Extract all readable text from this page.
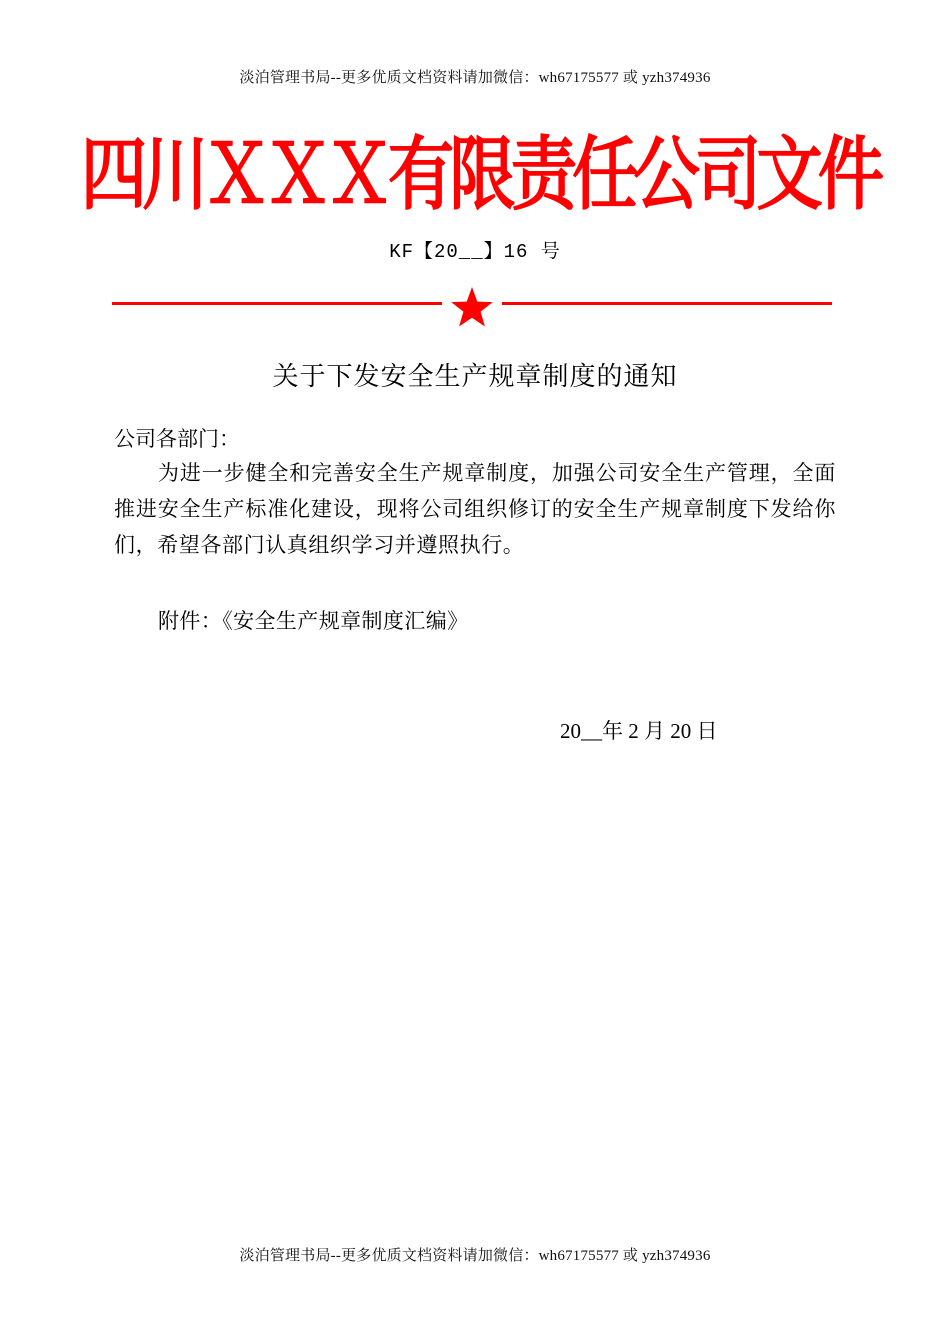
淡泊管理书局--更多优质文档资料请加微信：wh67175577 或 yzh374936
四川ＸＸＸ有限责任公司文件
KF【20__】16 号
关于下发安全生产规章制度的通知
公司各部门：
为进一步健全和完善安全生产规章制度，加强公司安全生产管理，全面推进安全生产标准化建设，现将公司组织修订的安全生产规章制度下发给你们，希望各部门认真组织学习并遵照执行。
附件：《安全生产规章制度汇编》
20__年 2 月 20 日
淡泊管理书局--更多优质文档资料请加微信：wh67175577 或 yzh374936
